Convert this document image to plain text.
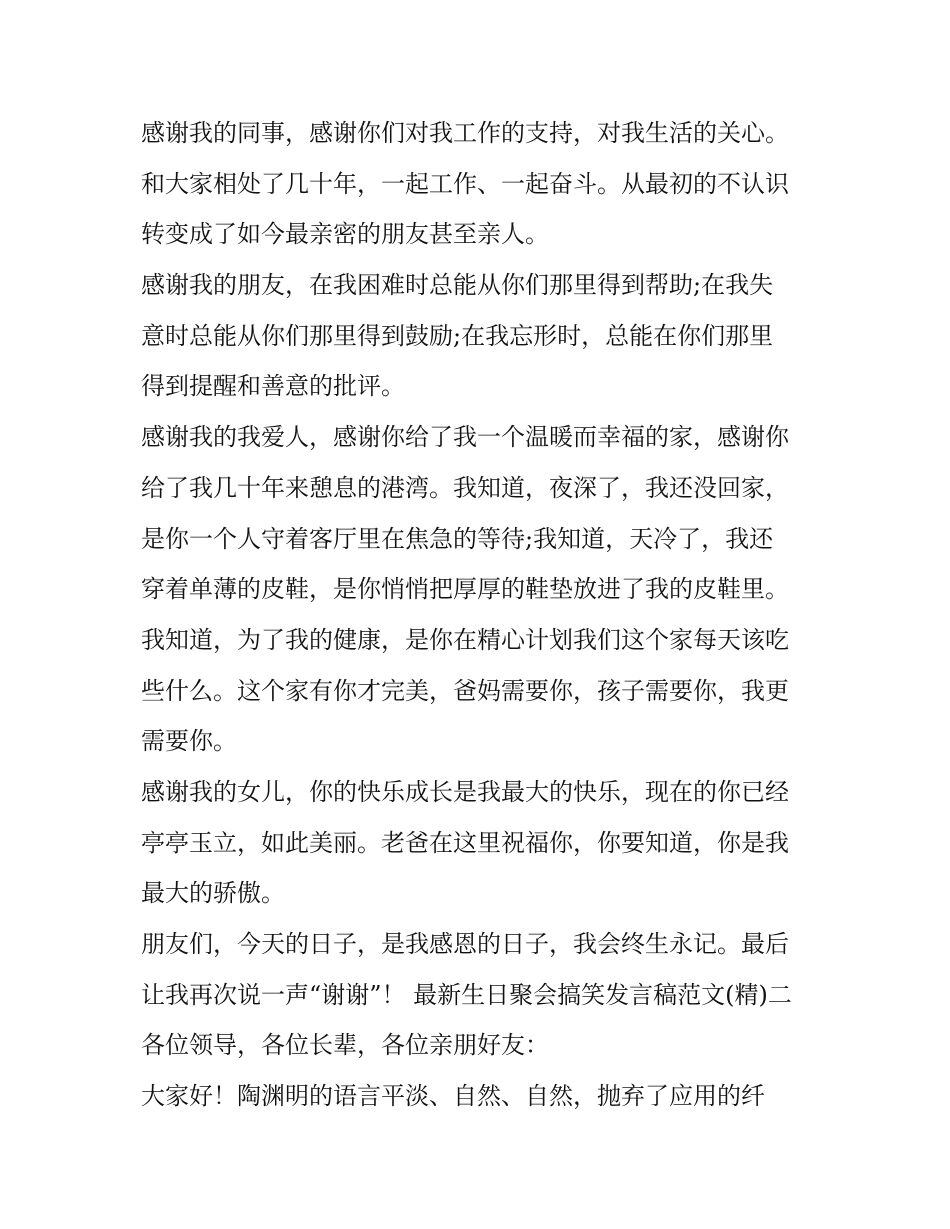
感谢我的同事，感谢你们对我工作的支持，对我生活的关心。
和大家相处了几十年，一起工作、一起奋斗。从最初的不认识
转变成了如今最亲密的朋友甚至亲人。
感谢我的朋友，在我困难时总能从你们那里得到帮助;在我失
意时总能从你们那里得到鼓励;在我忘形时，总能在你们那里
得到提醒和善意的批评。
感谢我的我爱人，感谢你给了我一个温暖而幸福的家，感谢你
给了我几十年来憩息的港湾。我知道，夜深了，我还没回家，
是你一个人守着客厅里在焦急的等待;我知道，天冷了，我还
穿着单薄的皮鞋，是你悄悄把厚厚的鞋垫放进了我的皮鞋里。
我知道，为了我的健康，是你在精心计划我们这个家每天该吃
些什么。这个家有你才完美，爸妈需要你，孩子需要你，我更
需要你。
感谢我的女儿，你的快乐成长是我最大的快乐，现在的你已经
亭亭玉立，如此美丽。老爸在这里祝福你，你要知道，你是我
最大的骄傲。
朋友们，今天的日子，是我感恩的日子，我会终生永记。最后
让我再次说一声“谢谢”！ 最新生日聚会搞笑发言稿范文(精)二
各位领导，各位长辈，各位亲朋好友：
大家好！陶渊明的语言平淡、自然、自然，抛弃了应用的纤
